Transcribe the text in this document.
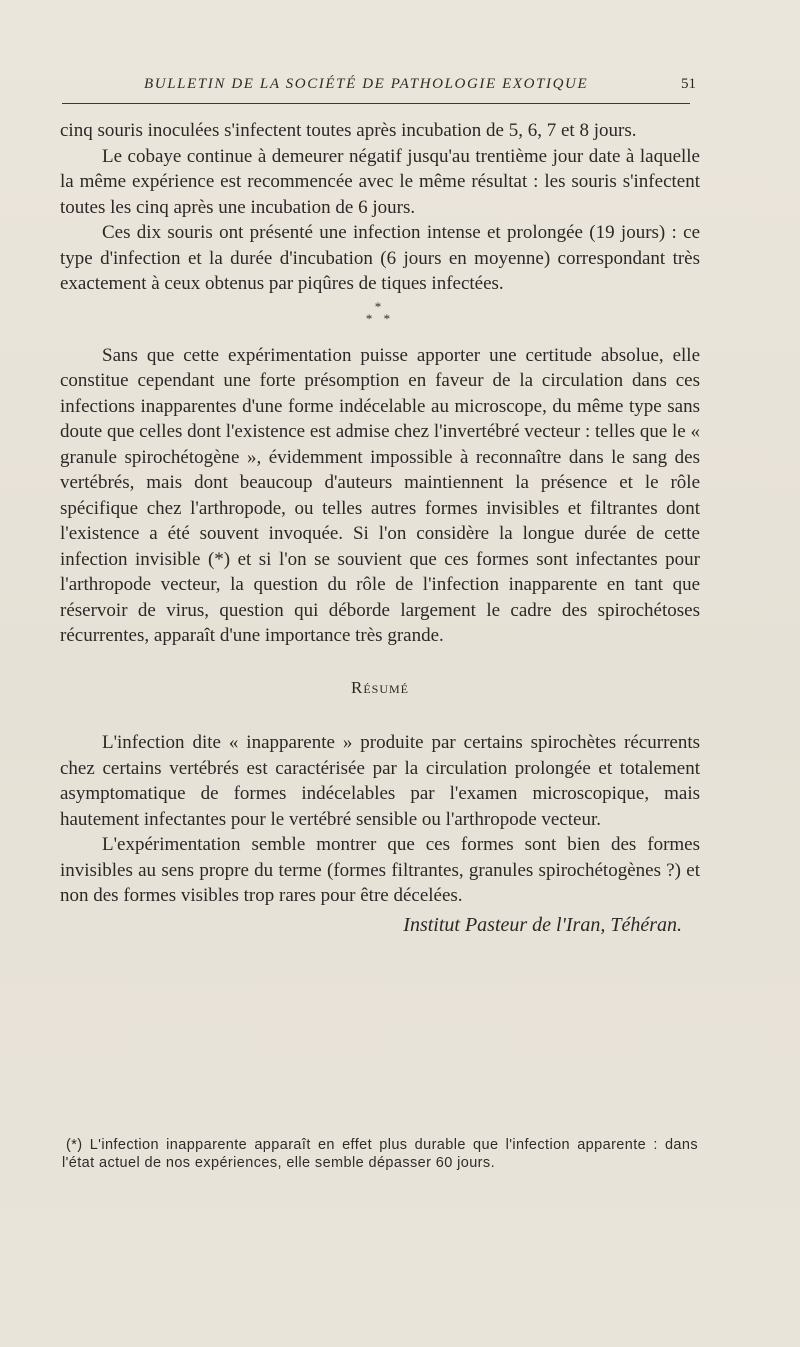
BULLETIN DE LA SOCIÉTÉ DE PATHOLOGIE EXOTIQUE	51

cinq souris inoculées s'infectent toutes après incubation de 5, 6, 7 et 8 jours.

Le cobaye continue à demeurer négatif jusqu'au trentième jour date à laquelle la même expérience est recommencée avec le même résultat : les souris s'infectent toutes les cinq après une incubation de 6 jours.

Ces dix souris ont présenté une infection intense et prolongée (19 jours) : ce type d'infection et la durée d'incubation (6 jours en moyenne) correspondant très exactement à ceux obtenus par piqûres de tiques infectées.

*
* *

Sans que cette expérimentation puisse apporter une certitude absolue, elle constitue cependant une forte présomption en faveur de la circulation dans ces infections inapparentes d'une forme indécelable au microscope, du même type sans doute que celles dont l'existence est admise chez l'invertébré vecteur : telles que le « granule spirochétogène », évidemment impossible à reconnaître dans le sang des vertébrés, mais dont beaucoup d'auteurs maintiennent la présence et le rôle spécifique chez l'arthropode, ou telles autres formes invisibles et filtrantes dont l'existence a été souvent invoquée. Si l'on considère la longue durée de cette infection invisible (*) et si l'on se souvient que ces formes sont infectantes pour l'arthropode vecteur, la question du rôle de l'infection inapparente en tant que réservoir de virus, question qui déborde largement le cadre des spirochétoses récurrentes, apparaît d'une importance très grande.

Résumé

L'infection dite « inapparente » produite par certains spirochètes récurrents chez certains vertébrés est caractérisée par la circulation prolongée et totalement asymptomatique de formes indécelables par l'examen microscopique, mais hautement infectantes pour le vertébré sensible ou l'arthropode vecteur.

L'expérimentation semble montrer que ces formes sont bien des formes invisibles au sens propre du terme (formes filtrantes, granules spirochétogènes ?) et non des formes visibles trop rares pour être décelées.

Institut Pasteur de l'Iran, Téhéran.

(*) L'infection inapparente apparaît en effet plus durable que l'infection apparente : dans l'état actuel de nos expériences, elle semble dépasser 60 jours.
